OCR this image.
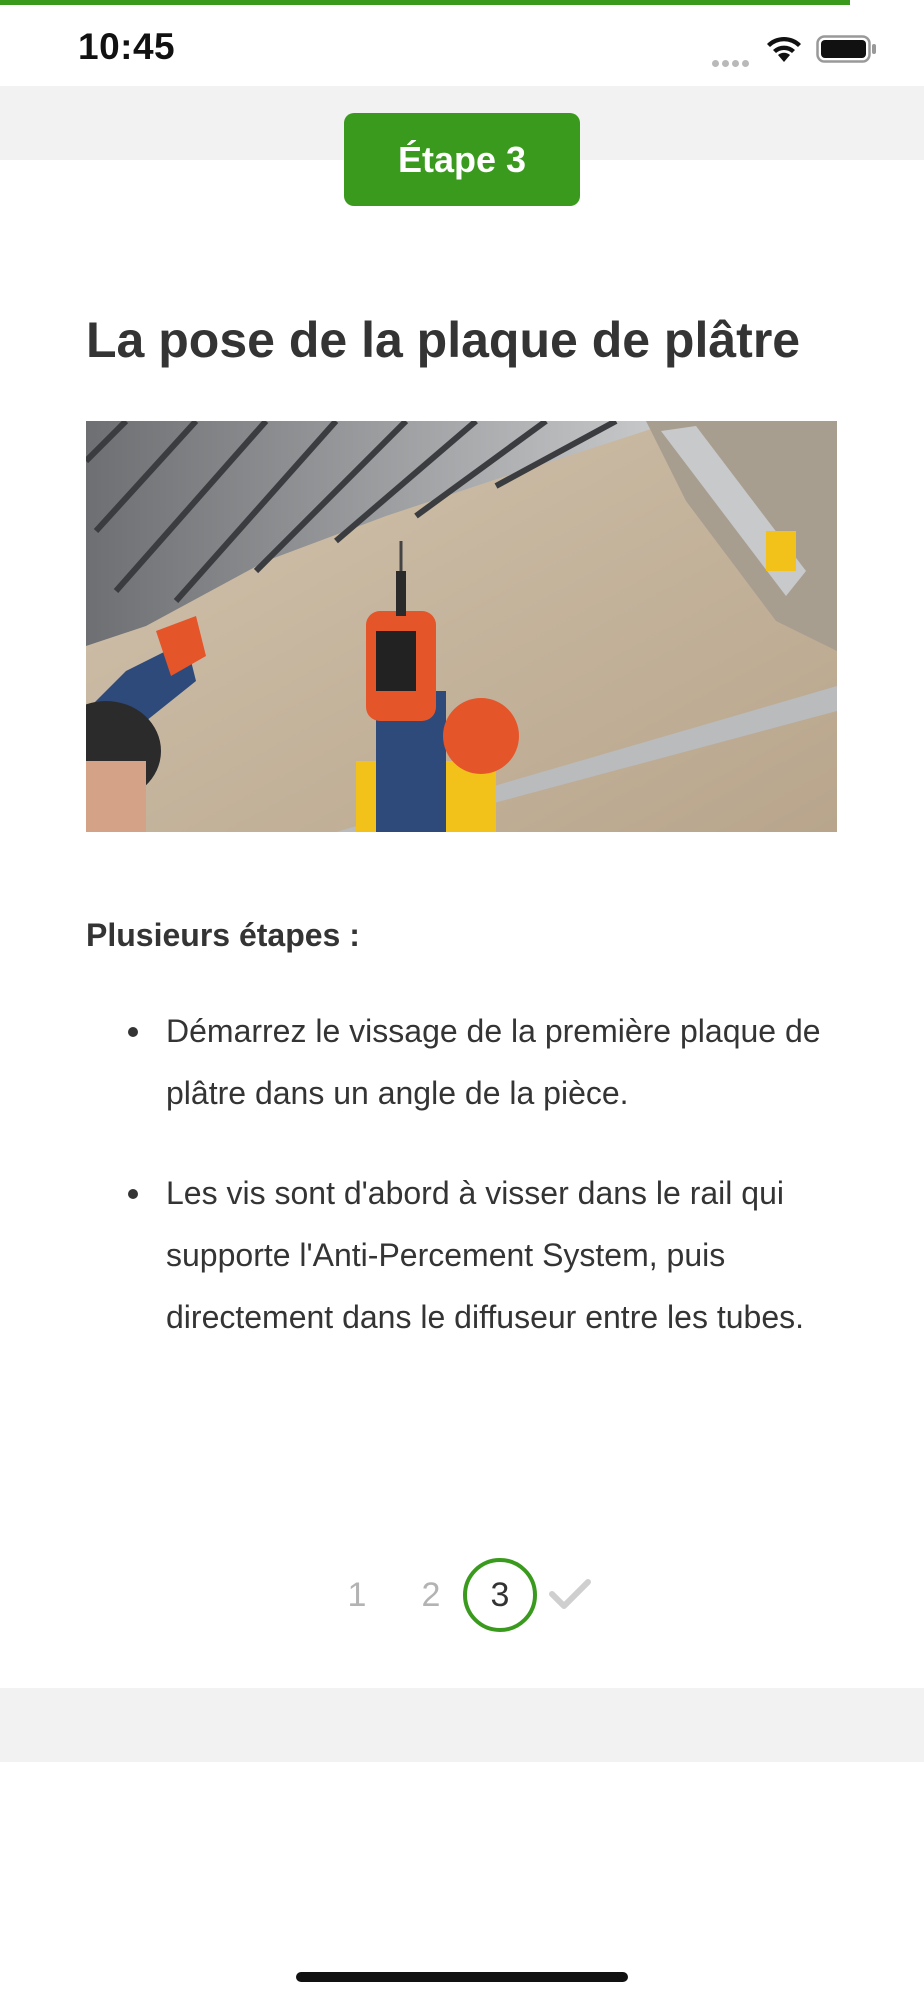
10:45
Étape 3
La pose de la plaque de plâtre
Plusieurs étapes :
Démarrez le vissage de la première plaque de plâtre dans un angle de la pièce.
Les vis sont d'abord à visser dans le rail qui supporte l'Anti-Percement System, puis directement dans le diffuseur entre les tubes.
1	2	3
